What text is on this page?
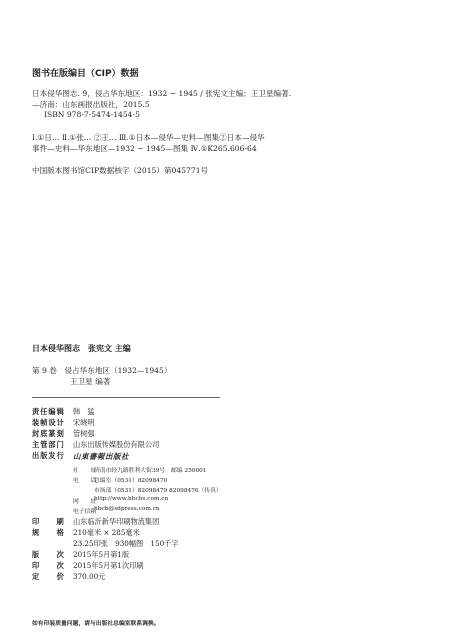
图书在版编目（CIP）数据
日本侵华图志. 9，侵占华东地区：1932 ~ 1945 / 张宪文主编；王卫星编著.
—济南：山东画报出版社，2015.5
ISBN 978-7-5474-1454-5
Ⅰ.①日… Ⅱ.①张… ②王… Ⅲ.①日本—侵华—史料—图集②日本—侵华
事件—史料—华东地区—1932 ~ 1945—图集 Ⅳ.①K265.606-64
中国版本图书馆CIP数据核字（2015）第045771号
日本侵华图志　张宪文 主编
第 9 卷　侵占华东地区（1932—1945）
王卫星 编著
责任编辑 韩　猛
装帧设计 宋晓明
封底篆刻 管树强
主管部门 山东出版传媒股份有限公司
出版发行 山東書報出版社
社　　址
济南市经九路胜利大街39号　邮编 250001
电　　话
总编室（0531）82098470
市场部（0531）82098479 82098476（传真）
网　　址
http://www.hbcbs.com.cn
电子信箱
hbcb@sdpress.com.cn
印　　刷 山东临沂新华印刷物流集团
规　　格 210毫米 × 285毫米
23.25印张　930幅图　150千字
版　　次 2015年5月第1版
印　　次 2015年5月第1次印刷
定　　价 370.00元
如有印装质量问题，请与出版社总编室联系调换。
